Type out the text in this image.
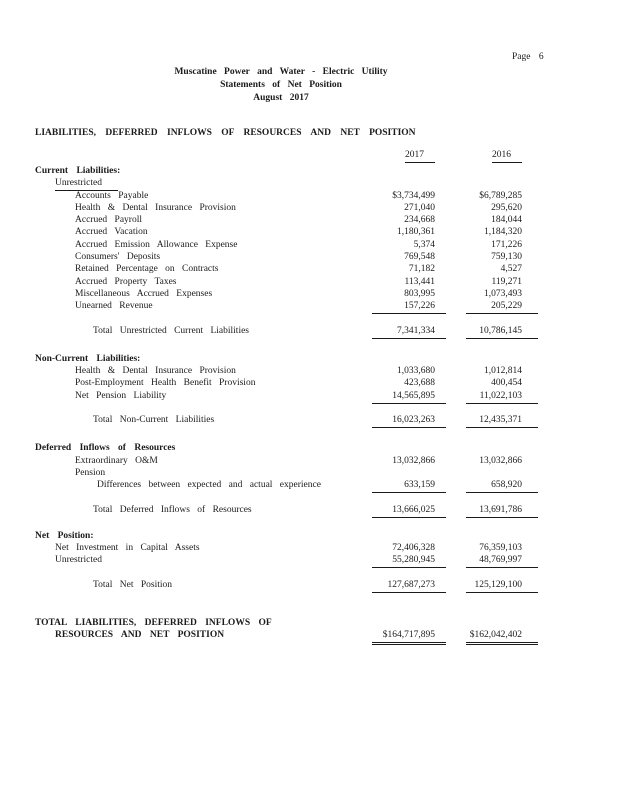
Page 6
Muscatine Power and Water - Electric Utility
Statements of Net Position
August 2017
LIABILITIES, DEFERRED INFLOWS OF RESOURCES AND NET POSITION
2017	2016
Current Liabilities:
Unrestricted
Accounts Payable	$3,734,499	$6,789,285
Health & Dental Insurance Provision	271,040	295,620
Accrued Payroll	234,668	184,044
Accrued Vacation	1,180,361	1,184,320
Accrued Emission Allowance Expense	5,374	171,226
Consumers' Deposits	769,548	759,130
Retained Percentage on Contracts	71,182	4,527
Accrued Property Taxes	113,441	119,271
Miscellaneous Accrued Expenses	803,995	1,073,493
Unearned Revenue	157,226	205,229
Total Unrestricted Current Liabilities	7,341,334	10,786,145
Non-Current Liabilities:
Health & Dental Insurance Provision	1,033,680	1,012,814
Post-Employment Health Benefit Provision	423,688	400,454
Net Pension Liability	14,565,895	11,022,103
Total Non-Current Liabilities	16,023,263	12,435,371
Deferred Inflows of Resources
Extraordinary O&M	13,032,866	13,032,866
Pension
Differences between expected and actual experience	633,159	658,920
Total Deferred Inflows of Resources	13,666,025	13,691,786
Net Position:
Net Investment in Capital Assets	72,406,328	76,359,103
Unrestricted	55,280,945	48,769,997
Total Net Position	127,687,273	125,129,100
TOTAL LIABILITIES, DEFERRED INFLOWS OF
RESOURCES AND NET POSITION	$164,717,895	$162,042,402
